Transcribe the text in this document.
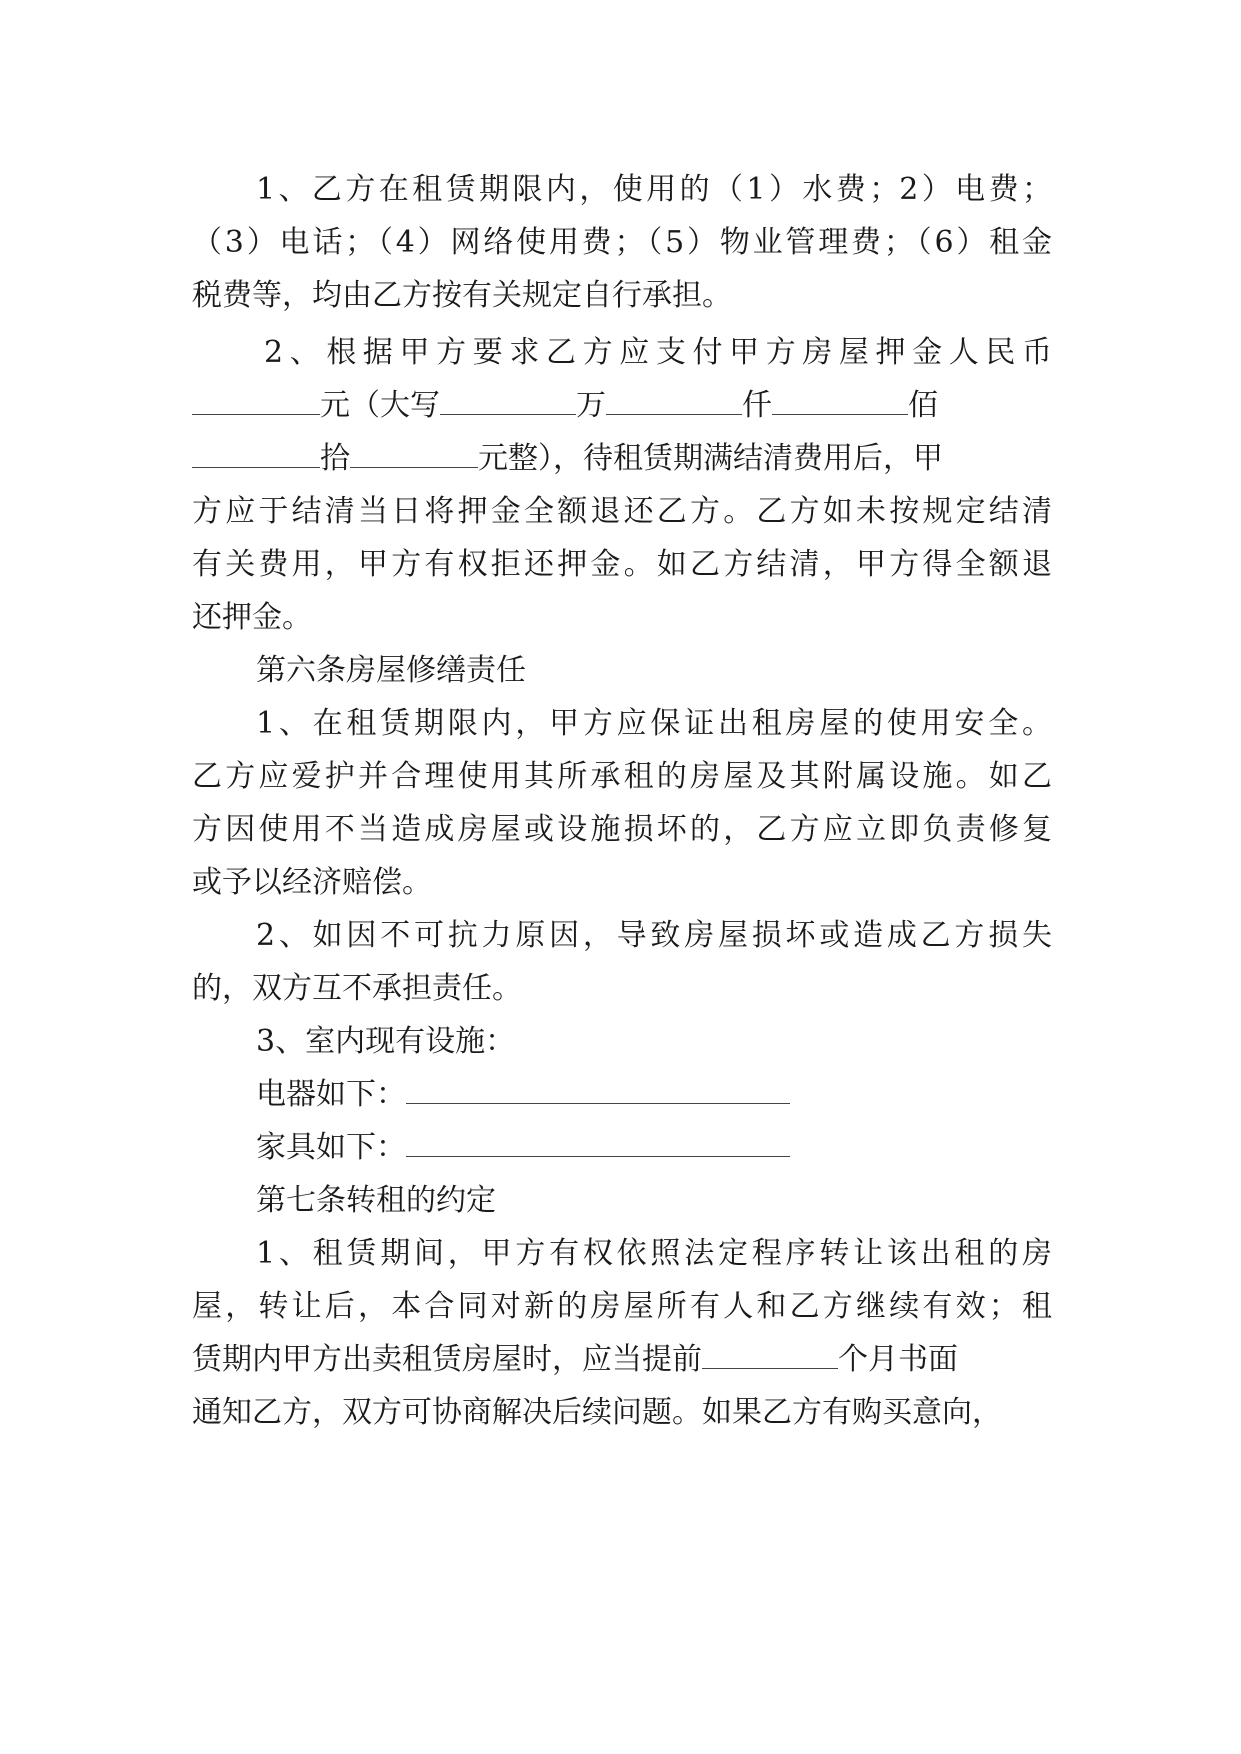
1、乙方在租赁期限内，使用的（1）水费；2）电费；
（3）电话；（4）网络使用费；（5）物业管理费；（6）租金
税费等，均由乙方按有关规定自行承担。
2、根据甲方要求乙方应支付甲方房屋押金人民币
元（大写	万	仟	佰
拾	元整），待租赁期满结清费用后，甲
方应于结清当日将押金全额退还乙方。乙方如未按规定结清
有关费用，甲方有权拒还押金。如乙方结清，甲方得全额退
还押金。
第六条房屋修缮责任
1、在租赁期限内，甲方应保证出租房屋的使用安全。
乙方应爱护并合理使用其所承租的房屋及其附属设施。如乙
方因使用不当造成房屋或设施损坏的，乙方应立即负责修复
或予以经济赔偿。
2、如因不可抗力原因，导致房屋损坏或造成乙方损失
的，双方互不承担责任。
3、室内现有设施：
电器如下：
家具如下：
第七条转租的约定
1、租赁期间，甲方有权依照法定程序转让该出租的房
屋，转让后，本合同对新的房屋所有人和乙方继续有效；租
赁期内甲方出卖租赁房屋时，应当提前	个月书面
通知乙方，双方可协商解决后续问题。如果乙方有购买意向，
